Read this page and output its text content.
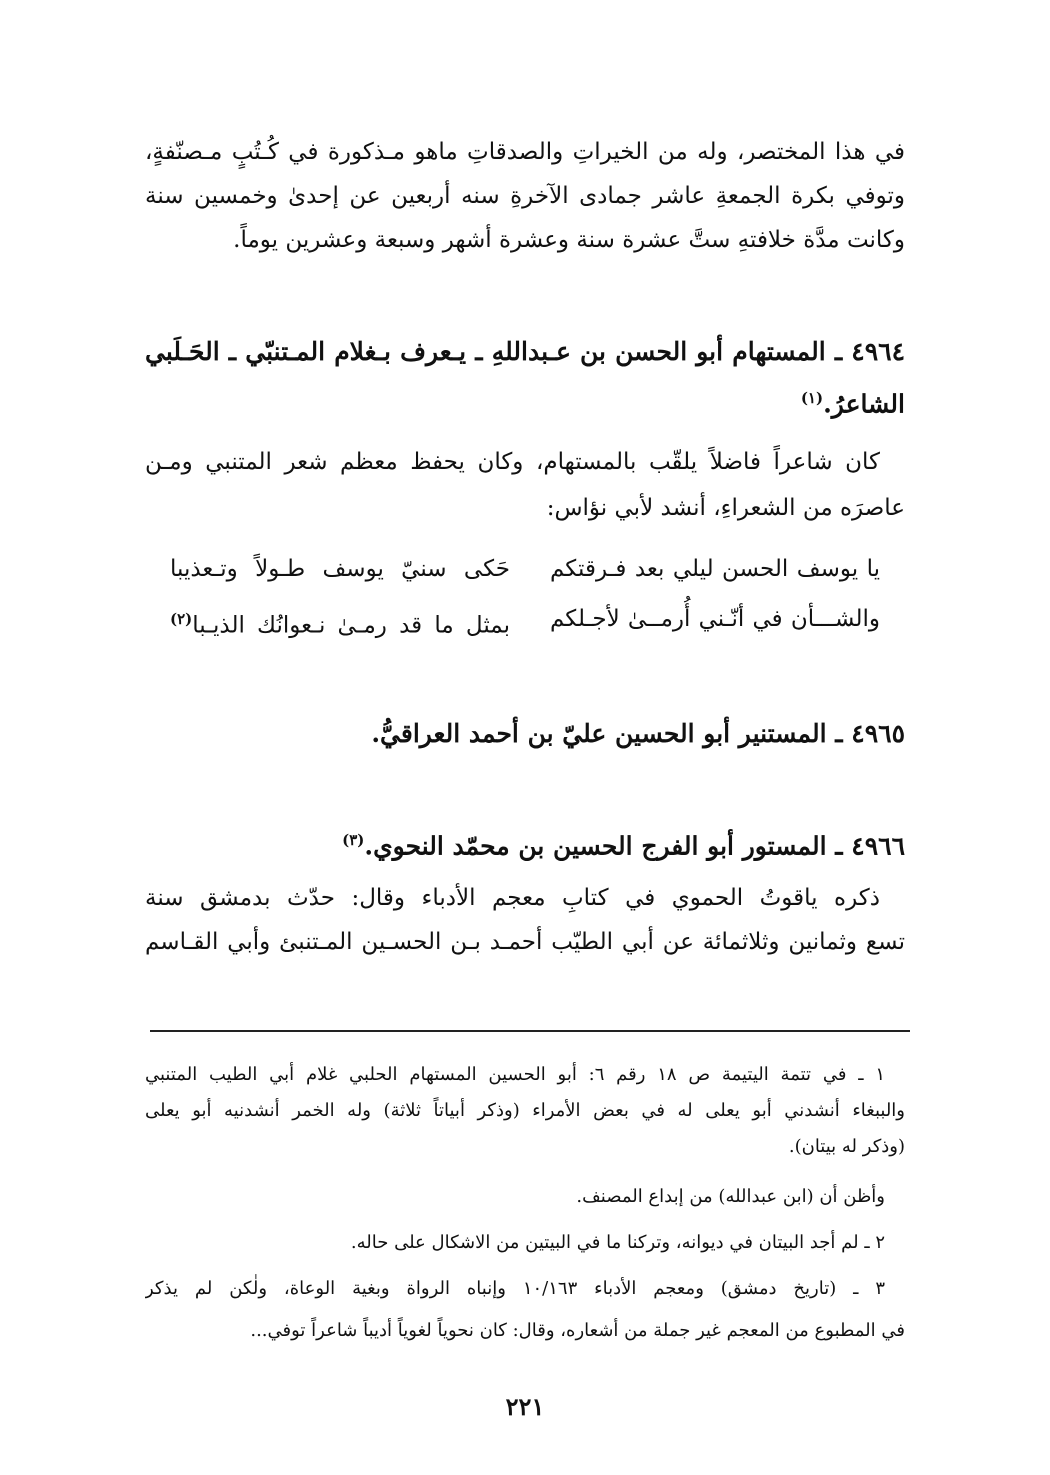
في هذا المختصر، وله من الخيراتِ والصدقاتِ ماهو مـذكورة في كُـتُبٍ مـصنّفةٍ،
وتوفي بكرة الجمعةِ عاشر جمادى الآخرةِ سنه أربعين عن إحدىٰ وخمسين سنة
وكانت مدَّة خلافتهِ ستَّ عشرة سنة وعشرة أشهر وسبعة وعشرين يوماً.
٤٩٦٤ ـ المستهام أبو الحسن بن عـبداللهِ ـ يـعرف بـغلام المـتنبّي ـ الحَـلَبي
الشاعرُ.$^{(١)}$
كان شاعراً فاضلاً يلقّب بالمستهام، وكان يحفظ معظم شعر المتنبي ومـن
عاصرَه من الشعراءِ، أنشد لأبي نؤاس:
يا يوسف الحسن ليلي بعد فـرقتكم
حَكى سنيّ يوسف طـولاً وتـعذيبا
والشـــأن في أنّـني أُرمــىٰ لأجـلكم
بمثل ما قد رمـىٰ نـعوانُك الذيـبا$^{(٢)}$
٤٩٦٥ ـ المستنير أبو الحسين عليّ بن أحمد العراقيُّ.
٤٩٦٦ ـ المستور أبو الفرج الحسين بن محمّد النحوي.$^{(٣)}$
ذكره ياقوتُ الحموي في كتابِ معجم الأدباء وقال: حدّث بدمشق سنة
تسع وثمانين وثلاثمائة عن أبي الطيّب أحمـد بـن الحسـين المـتنبئ وأبي القـاسم
١ ـ في تتمة اليتيمة ص ١٨ رقم ٦: أبو الحسين المستهام الحلبي غلام أبي الطيب المتنبي
والببغاء أنشدني أبو يعلى له في بعض الأمراء (وذكر أبياتاً ثلاثة) وله الخمر أنشدنيه أبو يعلى
(وذكر له بيتان).
وأظن أن (ابن عبدالله) من إبداع المصنف.
٢ ـ لم أجد البيتان في ديوانه، وتركنا ما في البيتين من الاشكال على حاله.
٣ ـ (تاريخ دمشق) ومعجم الأدباء ١٠/١٦٣ وإنباه الرواة وبغية الوعاة، ولٰكن لم يذكر
في المطبوع من المعجم غير جملة من أشعاره، وقال: كان نحوياً لغوياً أديباً شاعراً توفي...
٢٢١
